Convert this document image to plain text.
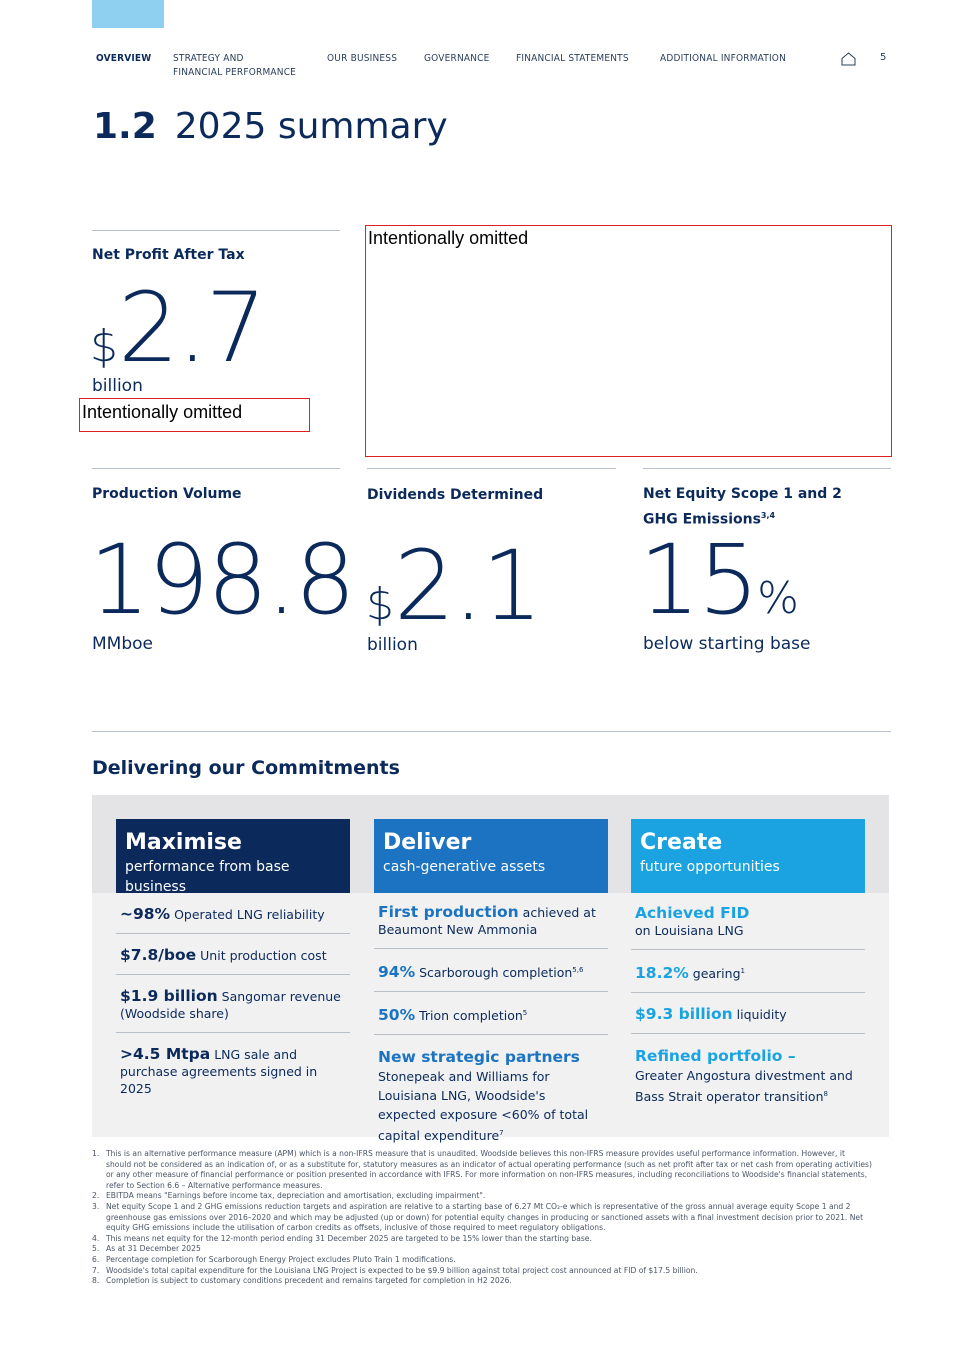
OVERVIEW STRATEGY AND
FINANCIAL PERFORMANCE
OUR BUSINESS	GOVERNANCE	FINANCIAL STATEMENTS	ADDITIONAL INFORMATION	5
1.2 2025 summary
Net Profit After Tax
$2.7
billion
Intentionally omitted
Intentionally omitted
Production Volume
198.8
MMboe
Dividends Determined
$2.1
billion
Net Equity Scope 1 and 2
GHG Emissions$^{3,4}$
15%
below starting base
Delivering our Commitments
Maximise
performance from base business
Deliver
cash-generative assets
Create
future opportunities
~98% Operated LNG reliability
$7.8/boe Unit production cost
$1.9 billion Sangomar revenue (Woodside share)
>4.5 Mtpa LNG sale and purchase agreements signed in 2025
First production achieved at Beaumont New Ammonia
94% Scarborough completion$^{5,6}$
50% Trion completion$^5$
New strategic partners
Stonepeak and Williams for Louisiana LNG, Woodside's expected exposure <60% of total capital expenditure$^7$
Achieved FID
on Louisiana LNG
18.2% gearing$^1$
$9.3 billion liquidity
Refined portfolio –
Greater Angostura divestment and Bass Strait operator transition$^8$
1. This is an alternative performance measure (APM) which is a non-IFRS measure that is unaudited. Woodside believes this non-IFRS measure provides useful performance information. However, it should not be considered as an indication of, or as a substitute for, statutory measures as an indicator of actual operating performance (such as net profit after tax or net cash from operating activities) or any other measure of financial performance or position presented in accordance with IFRS. For more information on non-IFRS measures, including reconciliations to Woodside's financial statements, refer to Section 6.6 – Alternative performance measures.
2. EBITDA means "Earnings before income tax, depreciation and amortisation, excluding impairment".
3. Net equity Scope 1 and 2 GHG emissions reduction targets and aspiration are relative to a starting base of 6.27 Mt CO₂-e which is representative of the gross annual average equity Scope 1 and 2 greenhouse gas emissions over 2016–2020 and which may be adjusted (up or down) for potential equity changes in producing or sanctioned assets with a final investment decision prior to 2021. Net equity GHG emissions include the utilisation of carbon credits as offsets, inclusive of those required to meet regulatory obligations.
4. This means net equity for the 12-month period ending 31 December 2025 are targeted to be 15% lower than the starting base.
5. As at 31 December 2025
6. Percentage completion for Scarborough Energy Project excludes Pluto Train 1 modifications.
7. Woodside's total capital expenditure for the Louisiana LNG Project is expected to be $9.9 billion against total project cost announced at FID of $17.5 billion.
8. Completion is subject to customary conditions precedent and remains targeted for completion in H2 2026.
